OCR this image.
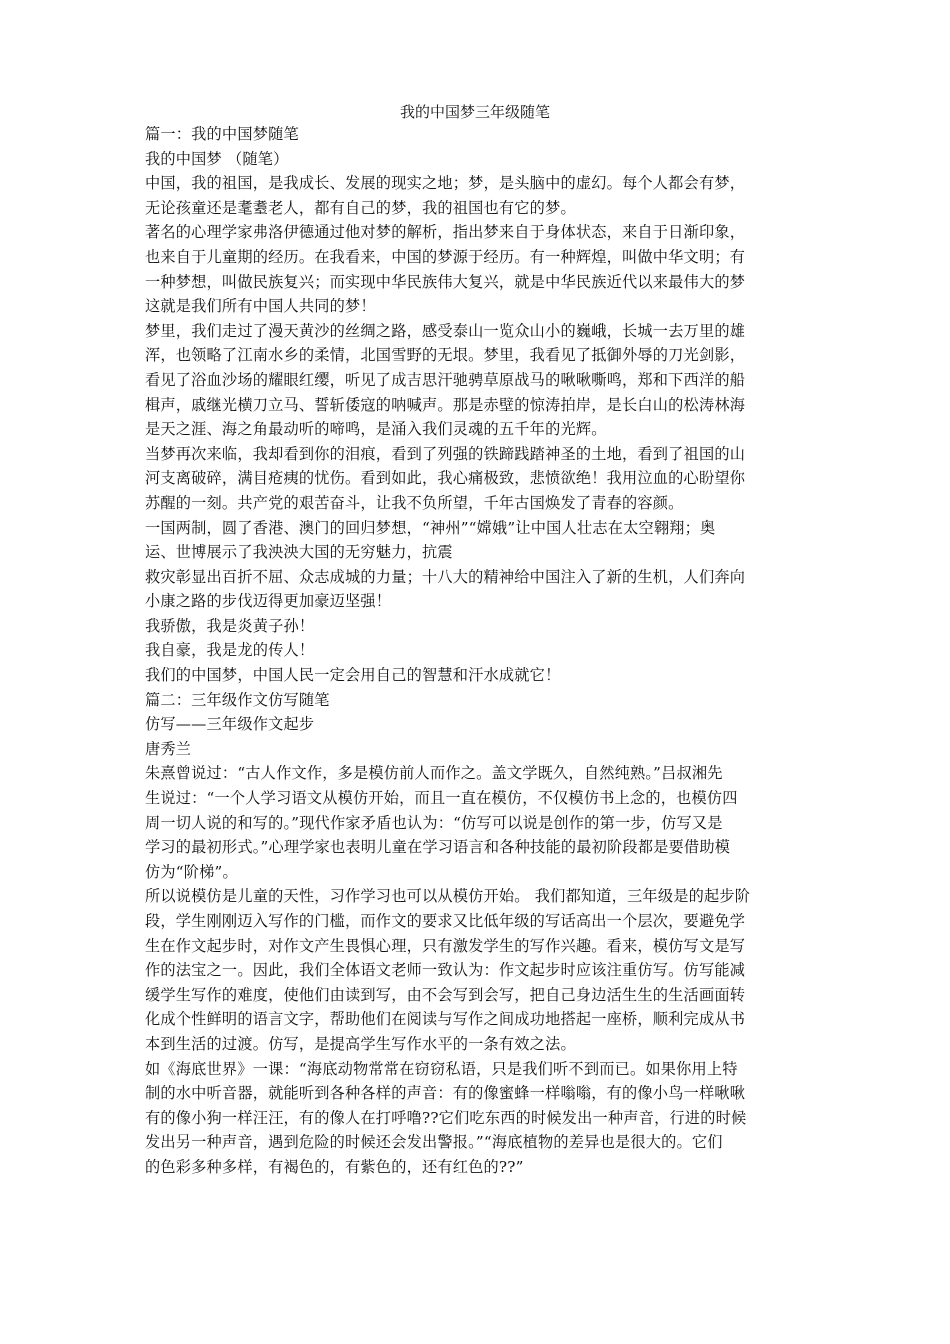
我的中国梦三年级随笔
篇一：我的中国梦随笔
我的中国梦 （随笔）
中国，我的祖国，是我成长、发展的现实之地；梦，是头脑中的虚幻。每个人都会有梦，
无论孩童还是耄耋老人，都有自己的梦，我的祖国也有它的梦。
著名的心理学家弗洛伊德通过他对梦的解析，指出梦来自于身体状态，来自于日渐印象，
也来自于儿童期的经历。在我看来，中国的梦源于经历。有一种辉煌，叫做中华文明；有
一种梦想，叫做民族复兴；而实现中华民族伟大复兴，就是中华民族近代以来最伟大的梦
这就是我们所有中国人共同的梦！
梦里，我们走过了漫天黄沙的丝绸之路，感受泰山一览众山小的巍峨，长城一去万里的雄
浑，也领略了江南水乡的柔情，北国雪野的无垠。梦里，我看见了抵御外辱的刀光剑影，
看见了浴血沙场的耀眼红缨，听见了成吉思汗驰骋草原战马的啾啾嘶鸣，郑和下西洋的船
楫声，戚继光横刀立马、誓斩倭寇的呐喊声。那是赤壁的惊涛拍岸，是长白山的松涛林海
是天之涯、海之角最动听的啼鸣，是涌入我们灵魂的五千年的光辉。
当梦再次来临，我却看到你的泪痕，看到了列强的铁蹄践踏神圣的土地，看到了祖国的山
河支离破碎，满目疮痍的忧伤。看到如此，我心痛极致，悲愤欲绝！我用泣血的心盼望你
苏醒的一刻。共产党的艰苦奋斗，让我不负所望，千年古国焕发了青春的容颜。
一国两制，圆了香港、澳门的回归梦想，“神州”“嫦娥”让中国人壮志在太空翱翔；奥
运、世博展示了我泱泱大国的无穷魅力，抗震
救灾彰显出百折不屈、众志成城的力量；十八大的精神给中国注入了新的生机，人们奔向
小康之路的步伐迈得更加豪迈坚强！
我骄傲，我是炎黄子孙！
我自豪，我是龙的传人！
我们的中国梦，中国人民一定会用自己的智慧和汗水成就它！
篇二：三年级作文仿写随笔
仿写——三年级作文起步
唐秀兰
朱熹曾说过：“古人作文作，多是模仿前人而作之。盖文学既久，自然纯熟。”吕叔湘先
生说过：“一个人学习语文从模仿开始，而且一直在模仿，不仅模仿书上念的，也模仿四
周一切人说的和写的。”现代作家矛盾也认为：“仿写可以说是创作的第一步，仿写又是
学习的最初形式。”心理学家也表明儿童在学习语言和各种技能的最初阶段都是要借助模
仿为“阶梯”。
所以说模仿是儿童的天性，习作学习也可以从模仿开始。 我们都知道，三年级是的起步阶
段，学生刚刚迈入写作的门槛，而作文的要求又比低年级的写话高出一个层次，要避免学
生在作文起步时，对作文产生畏惧心理，只有激发学生的写作兴趣。看来，模仿写文是写
作的法宝之一。因此，我们全体语文老师一致认为：作文起步时应该注重仿写。仿写能减
缓学生写作的难度，使他们由读到写，由不会写到会写，把自己身边活生生的生活画面转
化成个性鲜明的语言文字，帮助他们在阅读与写作之间成功地搭起一座桥，顺利完成从书
本到生活的过渡。仿写，是提高学生写作水平的一条有效之法。
如《海底世界》一课：“海底动物常常在窃窃私语，只是我们听不到而已。如果你用上特
制的水中听音器，就能听到各种各样的声音：有的像蜜蜂一样嗡嗡，有的像小鸟一样啾啾
有的像小狗一样汪汪，有的像人在打呼噜??它们吃东西的时候发出一种声音，行进的时候
发出另一种声音，遇到危险的时候还会发出警报。”“海底植物的差异也是很大的。它们
的色彩多种多样，有褐色的，有紫色的，还有红色的??”
